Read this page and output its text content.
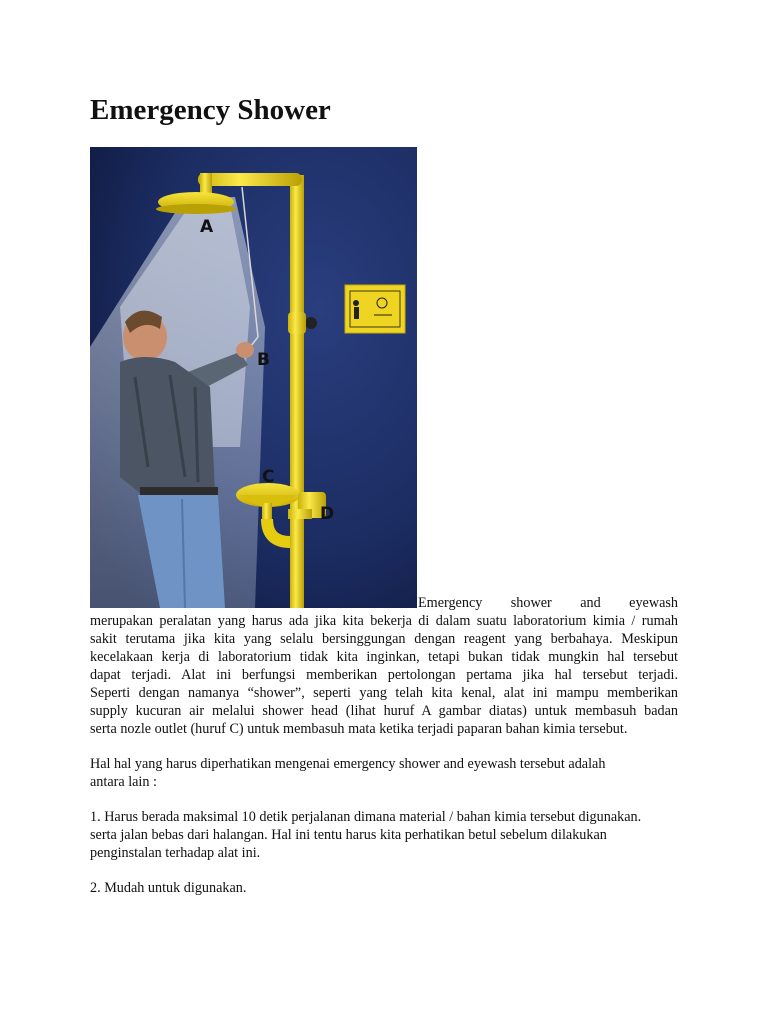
Emergency Shower
A
B
C
D
Emergency shower and eyewash
merupakan peralatan yang harus ada jika kita bekerja di dalam suatu laboratorium kimia / rumah
sakit terutama jika kita yang selalu bersinggungan dengan reagent yang berbahaya. Meskipun
kecelakaan kerja di laboratorium tidak kita inginkan, tetapi bukan tidak mungkin hal tersebut
dapat terjadi. Alat ini berfungsi memberikan pertolongan pertama jika hal tersebut terjadi.
Seperti dengan namanya “shower”, seperti yang telah kita kenal, alat ini mampu memberikan
supply kucuran air melalui shower head (lihat huruf A gambar diatas) untuk membasuh badan
serta nozle outlet (huruf C) untuk membasuh mata ketika terjadi paparan bahan kimia tersebut.

Hal hal yang harus diperhatikan mengenai emergency shower and eyewash tersebut adalah
antara lain :

1. Harus berada maksimal 10 detik perjalanan dimana material / bahan kimia tersebut digunakan.
serta jalan bebas dari halangan. Hal ini tentu harus kita perhatikan betul sebelum dilakukan
penginstalan terhadap alat ini.

2. Mudah untuk digunakan.
